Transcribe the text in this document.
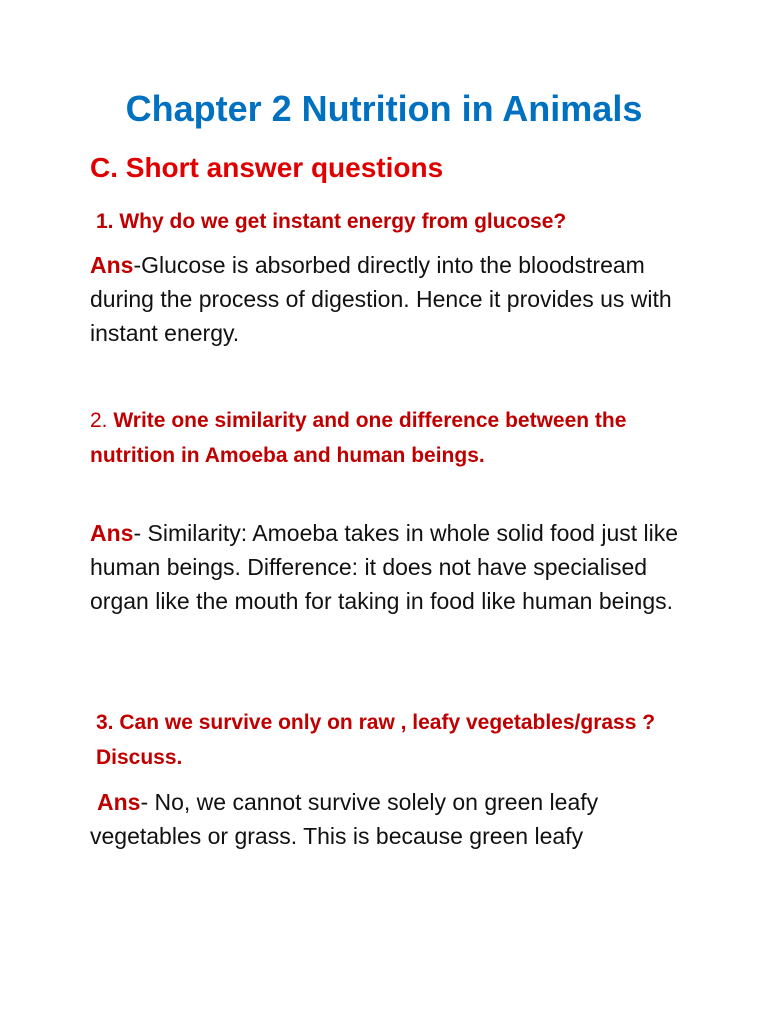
Chapter 2 Nutrition in Animals
C. Short answer questions
1. Why do we get instant energy from glucose?
Ans-Glucose is absorbed directly into the bloodstream during the process of digestion. Hence it provides us with instant energy.
2. Write one similarity and one difference between the nutrition in Amoeba and human beings.
Ans- Similarity: Amoeba takes in whole solid food just like human beings. Difference: it does not have specialised organ like the mouth for taking in food like human beings.
3. Can we survive only on raw , leafy vegetables/grass ? Discuss.
Ans- No, we cannot survive solely on green leafy vegetables or grass. This is because green leafy
